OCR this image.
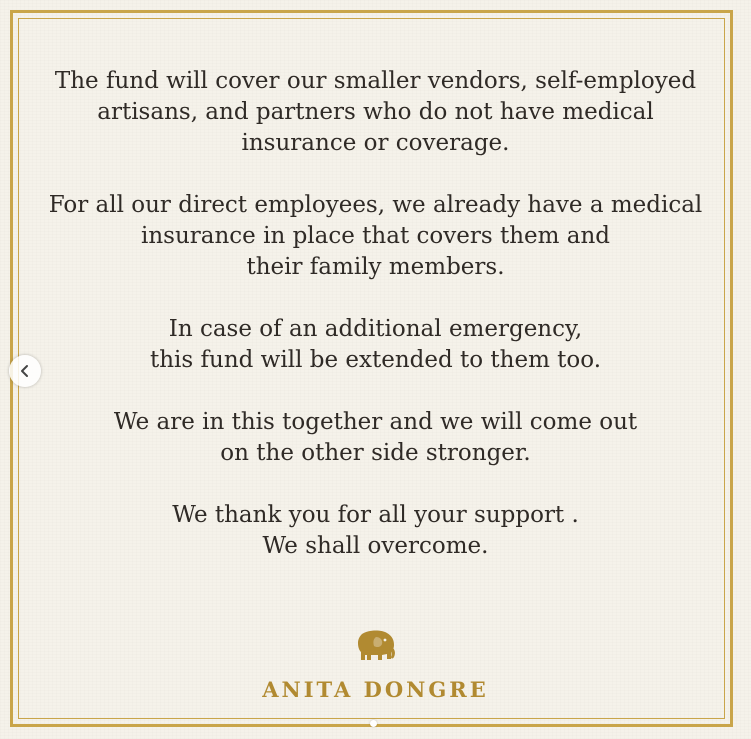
The fund will cover our smaller vendors, self-employed
artisans, and partners who do not have medical
insurance or coverage.

For all our direct employees, we already have a medical
insurance in place that covers them and
their family members.

In case of an additional emergency,
this fund will be extended to them too.

We are in this together and we will come out
on the other side stronger.

We thank you for all your support .
We shall overcome.

ANITA DONGRE
